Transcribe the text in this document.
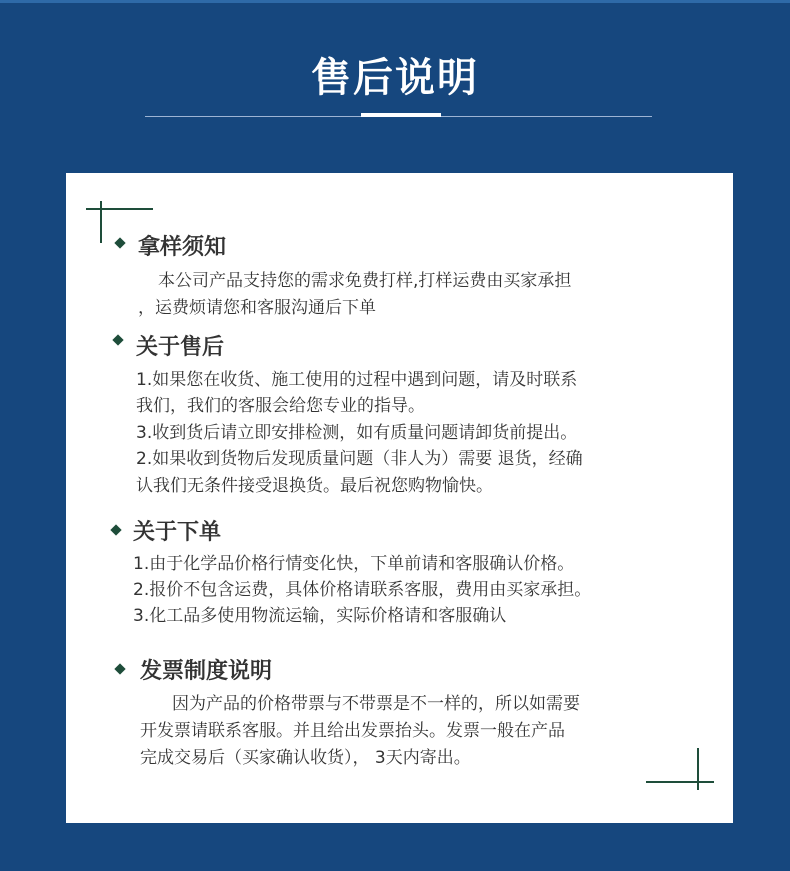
售后说明
拿样须知
本公司产品支持您的需求免费打样,打样运费由买家承担
，运费烦请您和客服沟通后下单
关于售后
1.如果您在收货、施工使用的过程中遇到问题，请及时联系
我们，我们的客服会给您专业的指导。
3.收到货后请立即安排检测，如有质量问题请卸货前提出。
2.如果收到货物后发现质量问题（非人为）需要 退货，经确
认我们无条件接受退换货。最后祝您购物愉快。
关于下单
1.由于化学品价格行情变化快，下单前请和客服确认价格。
2.报价不包含运费，具体价格请联系客服，费用由买家承担。
3.化工品多使用物流运输，实际价格请和客服确认
发票制度说明
因为产品的价格带票与不带票是不一样的，所以如需要
开发票请联系客服。并且给出发票抬头。发票一般在产品
完成交易后（买家确认收货）， 3天内寄出。
